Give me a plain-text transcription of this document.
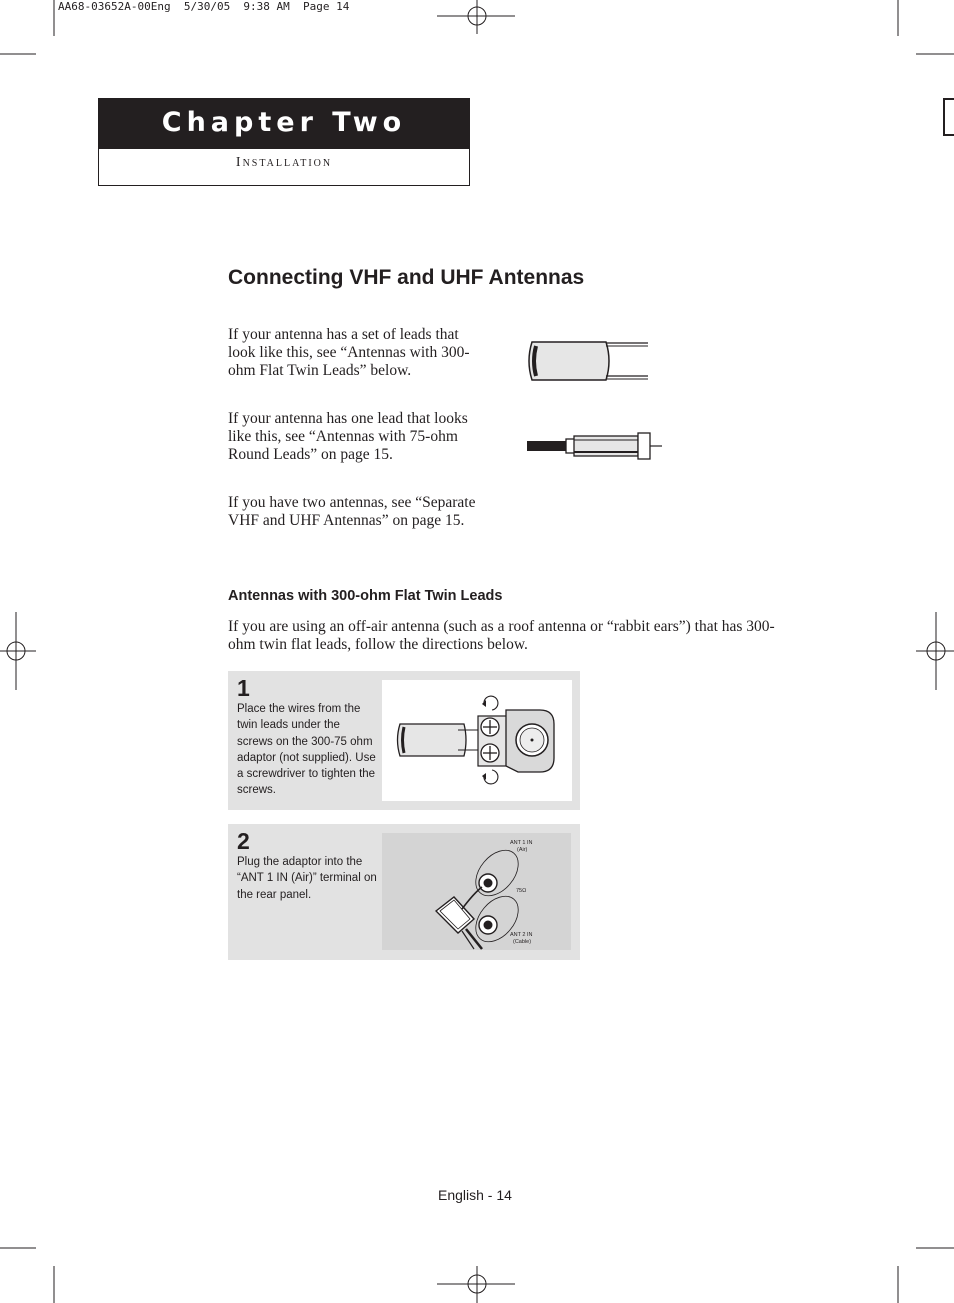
AA68-03652A-00Eng  5/30/05  9:38 AM  Page 14
Chapter Two
Installation
Connecting VHF and UHF Antennas
If your antenna has a set of leads that look like this, see “Antennas with 300-ohm Flat Twin Leads” below.
If your antenna has one lead that looks like this, see “Antennas with 75-ohm Round Leads” on page 15.
If you have two antennas, see “Separate VHF and UHF Antennas” on page 15.
Antennas with 300-ohm Flat Twin Leads
If you are using an off-air antenna (such as a roof antenna or “rabbit ears”) that has 300-ohm twin flat leads, follow the directions below.
1
Place the wires from the twin leads under the screws on the 300-75 ohm adaptor (not supplied). Use a screwdriver to tighten the screws.
2
Plug the adaptor into the “ANT 1 IN (Air)” terminal on the rear panel.
ANT 1 IN
(Air)
75Ω
ANT 2 IN
(Cable)
English - 14
